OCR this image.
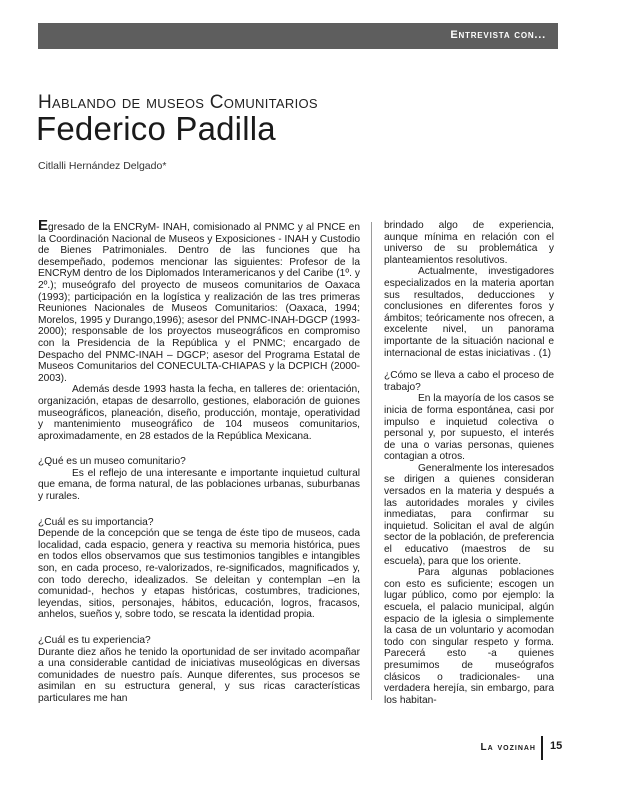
Entrevista con...
Hablando de museos Comunitarios
Federico Padilla
Citlalli Hernández Delgado*

Egresado de la ENCRyM- INAH, comisionado al PNMC y al PNCE en la Coordinación Nacional de Museos y Exposiciones - INAH y Custodio de Bienes Patrimoniales. Dentro de las funciones que ha desempeñado, podemos mencionar las siguientes: Profesor de la ENCRyM dentro de los Diplomados Interamericanos y del Caribe (1º. y 2º.); museógrafo del proyecto de museos comunitarios de Oaxaca (1993); participación en la logística y realización de las tres primeras Reuniones Nacionales de Museos Comunitarios: (Oaxaca, 1994; Morelos, 1995 y Durango,1996); asesor del PNMC-INAH-DGCP (1993-2000); responsable de los proyectos museográficos en compromiso con la Presidencia de la República y el PNMC; encargado de Despacho del PNMC-INAH – DGCP; asesor del Programa Estatal de Museos Comunitarios del CONECULTA-CHIAPAS y la DCPICH (2000-2003).

Además desde 1993 hasta la fecha, en talleres de: orientación, organización, etapas de desarrollo, gestiones, elaboración de guiones museográficos, planeación, diseño, producción, montaje, operatividad y mantenimiento museográfico de 104 museos comunitarios, aproximadamente, en 28 estados de la República Mexicana.

¿Qué es un museo comunitario?

Es el reflejo de una interesante e importante inquietud cultural que emana, de forma natural, de las poblaciones urbanas, suburbanas y rurales.

¿Cuál es su importancia?

Depende de la concepción que se tenga de éste tipo de museos, cada localidad, cada espacio, genera y reactiva su memoria histórica, pues en todos ellos observamos que sus testimonios tangibles e intangibles son, en cada proceso, re-valorizados, re-significados, magnificados y, con todo derecho, idealizados. Se deleitan y contemplan –en la comunidad-, hechos y etapas históricas, costumbres, tradiciones, leyendas, sitios, personajes, hábitos, educación, logros, fracasos, anhelos, sueños y, sobre todo, se rescata la identidad propia.

¿Cuál es tu experiencia?

Durante diez años he tenido la oportunidad de ser invitado acompañar a una considerable cantidad de iniciativas museológicas en diversas comunidades de nuestro país. Aunque diferentes, sus procesos se asimilan en su estructura general, y sus ricas características particulares me han

brindado algo de experiencia, aunque mínima en relación con el universo de su problemática y planteamientos resolutivos.

Actualmente, investigadores especializados en la materia aportan sus resultados, deducciones y conclusiones en diferentes foros y ámbitos; teóricamente nos ofrecen, a excelente nivel, un panorama importante de la situación nacional e internacional de estas iniciativas . (1)

¿Cómo se lleva a cabo el proceso de trabajo?

En la mayoría de los casos se inicia de forma espontánea, casi por impulso e inquietud colectiva o personal y, por supuesto, el interés de una o varias personas, quienes contagian a otros.

Generalmente los interesados se dirigen a quienes consideran versados en la materia y después a las autoridades morales y civiles inmediatas, para confirmar su inquietud. Solicitan el aval de algún sector de la población, de preferencia el educativo (maestros de su escuela), para que los oriente.

Para algunas poblaciones con esto es suficiente; escogen un lugar público, como por ejemplo: la escuela, el palacio municipal, algún espacio de la iglesia o simplemente la casa de un voluntario y acomodan todo con singular respeto y forma. Parecerá esto -a quienes presumimos de museógrafos clásicos o tradicionales- una verdadera herejía, sin embargo, para los habitan-

La vozinah 15
